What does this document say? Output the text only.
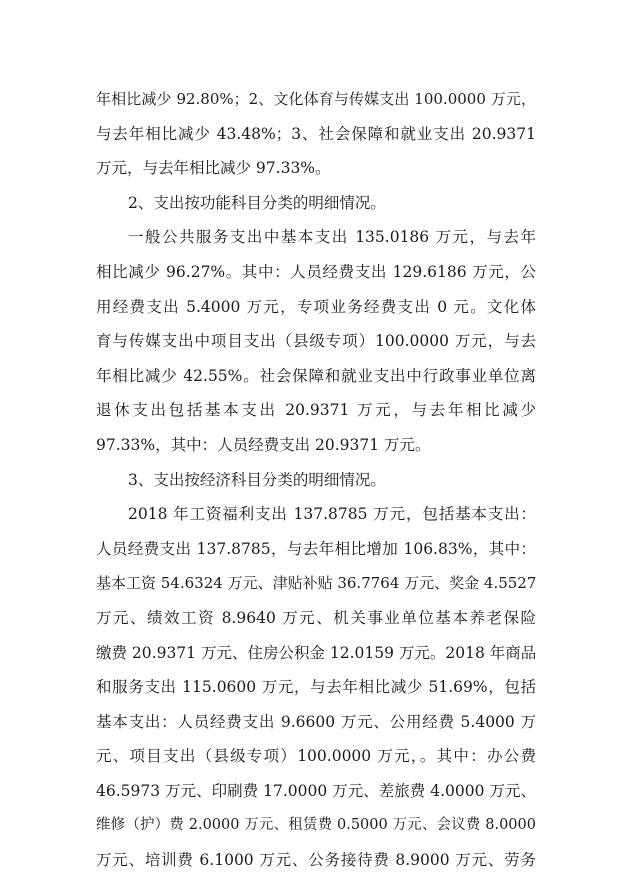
年相比减少 92.80%；2、文化体育与传媒支出 100.0000 万元，
与去年相比减少 43.48%；3、社会保障和就业支出 20.9371
万元，与去年相比减少 97.33%。
2、支出按功能科目分类的明细情况。
一般公共服务支出中基本支出 135.0186 万元，与去年
相比减少 96.27%。其中：人员经费支出 129.6186 万元，公
用经费支出 5.4000 万元，专项业务经费支出 0 元。文化体
育与传媒支出中项目支出（县级专项）100.0000 万元，与去
年相比减少 42.55%。社会保障和就业支出中行政事业单位离
退休支出包括基本支出 20.9371 万元，与去年相比减少
97.33%，其中：人员经费支出 20.9371 万元。
3、支出按经济科目分类的明细情况。
2018 年工资福利支出 137.8785 万元，包括基本支出：
人员经费支出 137.8785，与去年相比增加 106.83%，其中：
基本工资 54.6324 万元、津贴补贴 36.7764 万元、奖金 4.5527
万元、绩效工资 8.9640 万元、机关事业单位基本养老保险
缴费 20.9371 万元、住房公积金 12.0159 万元。2018 年商品
和服务支出 115.0600 万元，与去年相比减少 51.69%，包括
基本支出：人员经费支出 9.6600 万元、公用经费 5.4000 万
元、项目支出（县级专项）100.0000 万元，。其中：办公费
46.5973 万元、印刷费 17.0000 万元、差旅费 4.0000 万元、
维修（护）费 2.0000 万元、租赁费 0.5000 万元、会议费 8.0000
万元、培训费 6.1000 万元、公务接待费 8.9000 万元、劳务
